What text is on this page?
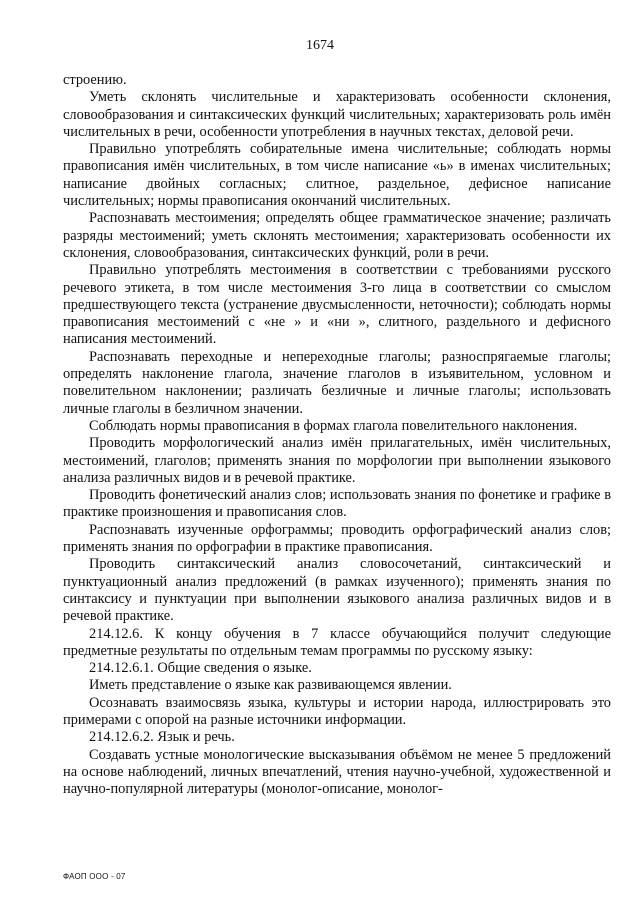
1674

строению.

Уметь склонять числительные и характеризовать особенности склонения, словообразования и синтаксических функций числительных; характеризовать роль имён числительных в речи, особенности употребления в научных текстах, деловой речи.

Правильно употреблять собирательные имена числительные; соблюдать нормы правописания имён числительных, в том числе написание «ь» в именах числительных; написание двойных согласных; слитное, раздельное, дефисное написание числительных; нормы правописания окончаний числительных.

Распознавать местоимения; определять общее грамматическое значение; различать разряды местоимений; уметь склонять местоимения; характеризовать особенности их склонения, словообразования, синтаксических функций, роли в речи.

Правильно употреблять местоимения в соответствии с требованиями русского речевого этикета, в том числе местоимения 3-го лица в соответствии со смыслом предшествующего текста (устранение двусмысленности, неточности); соблюдать нормы правописания местоимений с «не » и «ни », слитного, раздельного и дефисного написания местоимений.

Распознавать переходные и непереходные глаголы; разноспрягаемые глаголы; определять наклонение глагола, значение глаголов в изъявительном, условном и повелительном наклонении; различать безличные и личные глаголы; использовать личные глаголы в безличном значении.

Соблюдать нормы правописания в формах глагола повелительного наклонения.

Проводить морфологический анализ имён прилагательных, имён числительных, местоимений, глаголов; применять знания по морфологии при выполнении языкового анализа различных видов и в речевой практике.

Проводить фонетический анализ слов; использовать знания по фонетике и графике в практике произношения и правописания слов.

Распознавать изученные орфограммы; проводить орфографический анализ слов; применять знания по орфографии в практике правописания.

Проводить синтаксический анализ словосочетаний, синтаксический и пунктуационный анализ предложений (в рамках изученного); применять знания по синтаксису и пунктуации при выполнении языкового анализа различных видов и в речевой практике.

214.12.6. К концу обучения в 7 классе обучающийся получит следующие предметные результаты по отдельным темам программы по русскому языку:

214.12.6.1. Общие сведения о языке.

Иметь представление о языке как развивающемся явлении.

Осознавать взаимосвязь языка, культуры и истории народа, иллюстрировать это примерами с опорой на разные источники информации.

214.12.6.2. Язык и речь.

Создавать устные монологические высказывания объёмом не менее 5 предложений на основе наблюдений, личных впечатлений, чтения научно-учебной, художественной и научно-популярной литературы (монолог-описание, монолог-

ФАОП ООО - 07
